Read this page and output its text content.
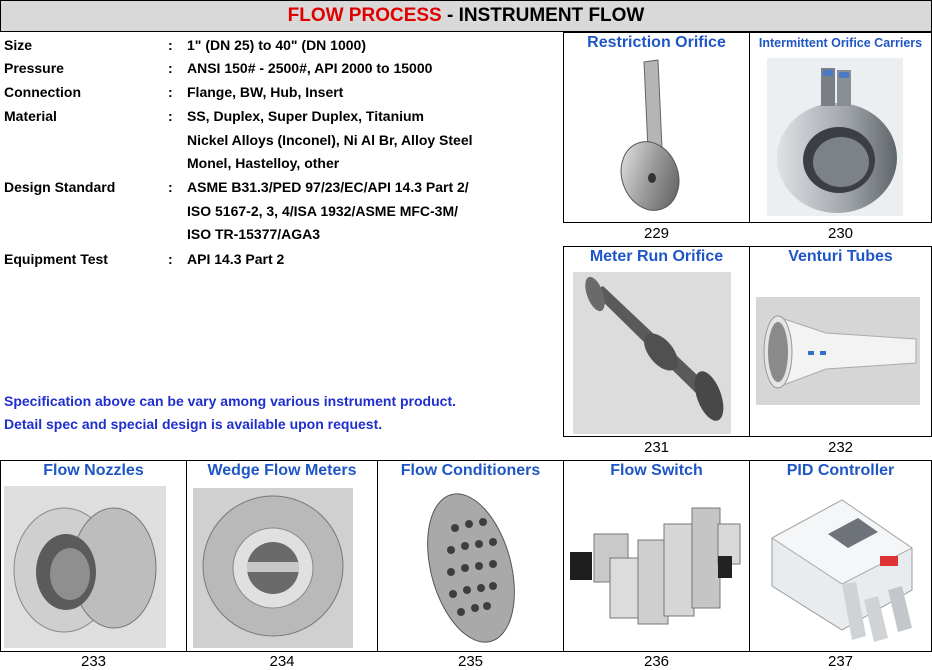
FLOW PROCESS - INSTRUMENT FLOW
Size	:	1" (DN 25) to 40" (DN 1000)
Pressure	:	ANSI 150# - 2500#, API 2000 to 15000
Connection	:	Flange, BW, Hub, Insert
Material	:	SS, Duplex, Super Duplex, Titanium
Nickel Alloys (Inconel), Ni Al Br, Alloy Steel
Monel, Hastelloy, other
Design Standard	:	ASME B31.3/PED 97/23/EC/API 14.3 Part 2/
ISO 5167-2, 3, 4/ISA 1932/ASME MFC-3M/
ISO TR-15377/AGA3
Equipment Test	:	API 14.3 Part 2
Specification above can be vary among various instrument product.
Detail spec and special design is available upon request.
Restriction Orifice	Intermittent Orifice Carriers
Meter Run Orifice	Venturi Tubes
Flow Nozzles	Wedge Flow Meters	Flow Conditioners	Flow Switch	PID Controller
229	230
231	232
233	234	235	236	237
